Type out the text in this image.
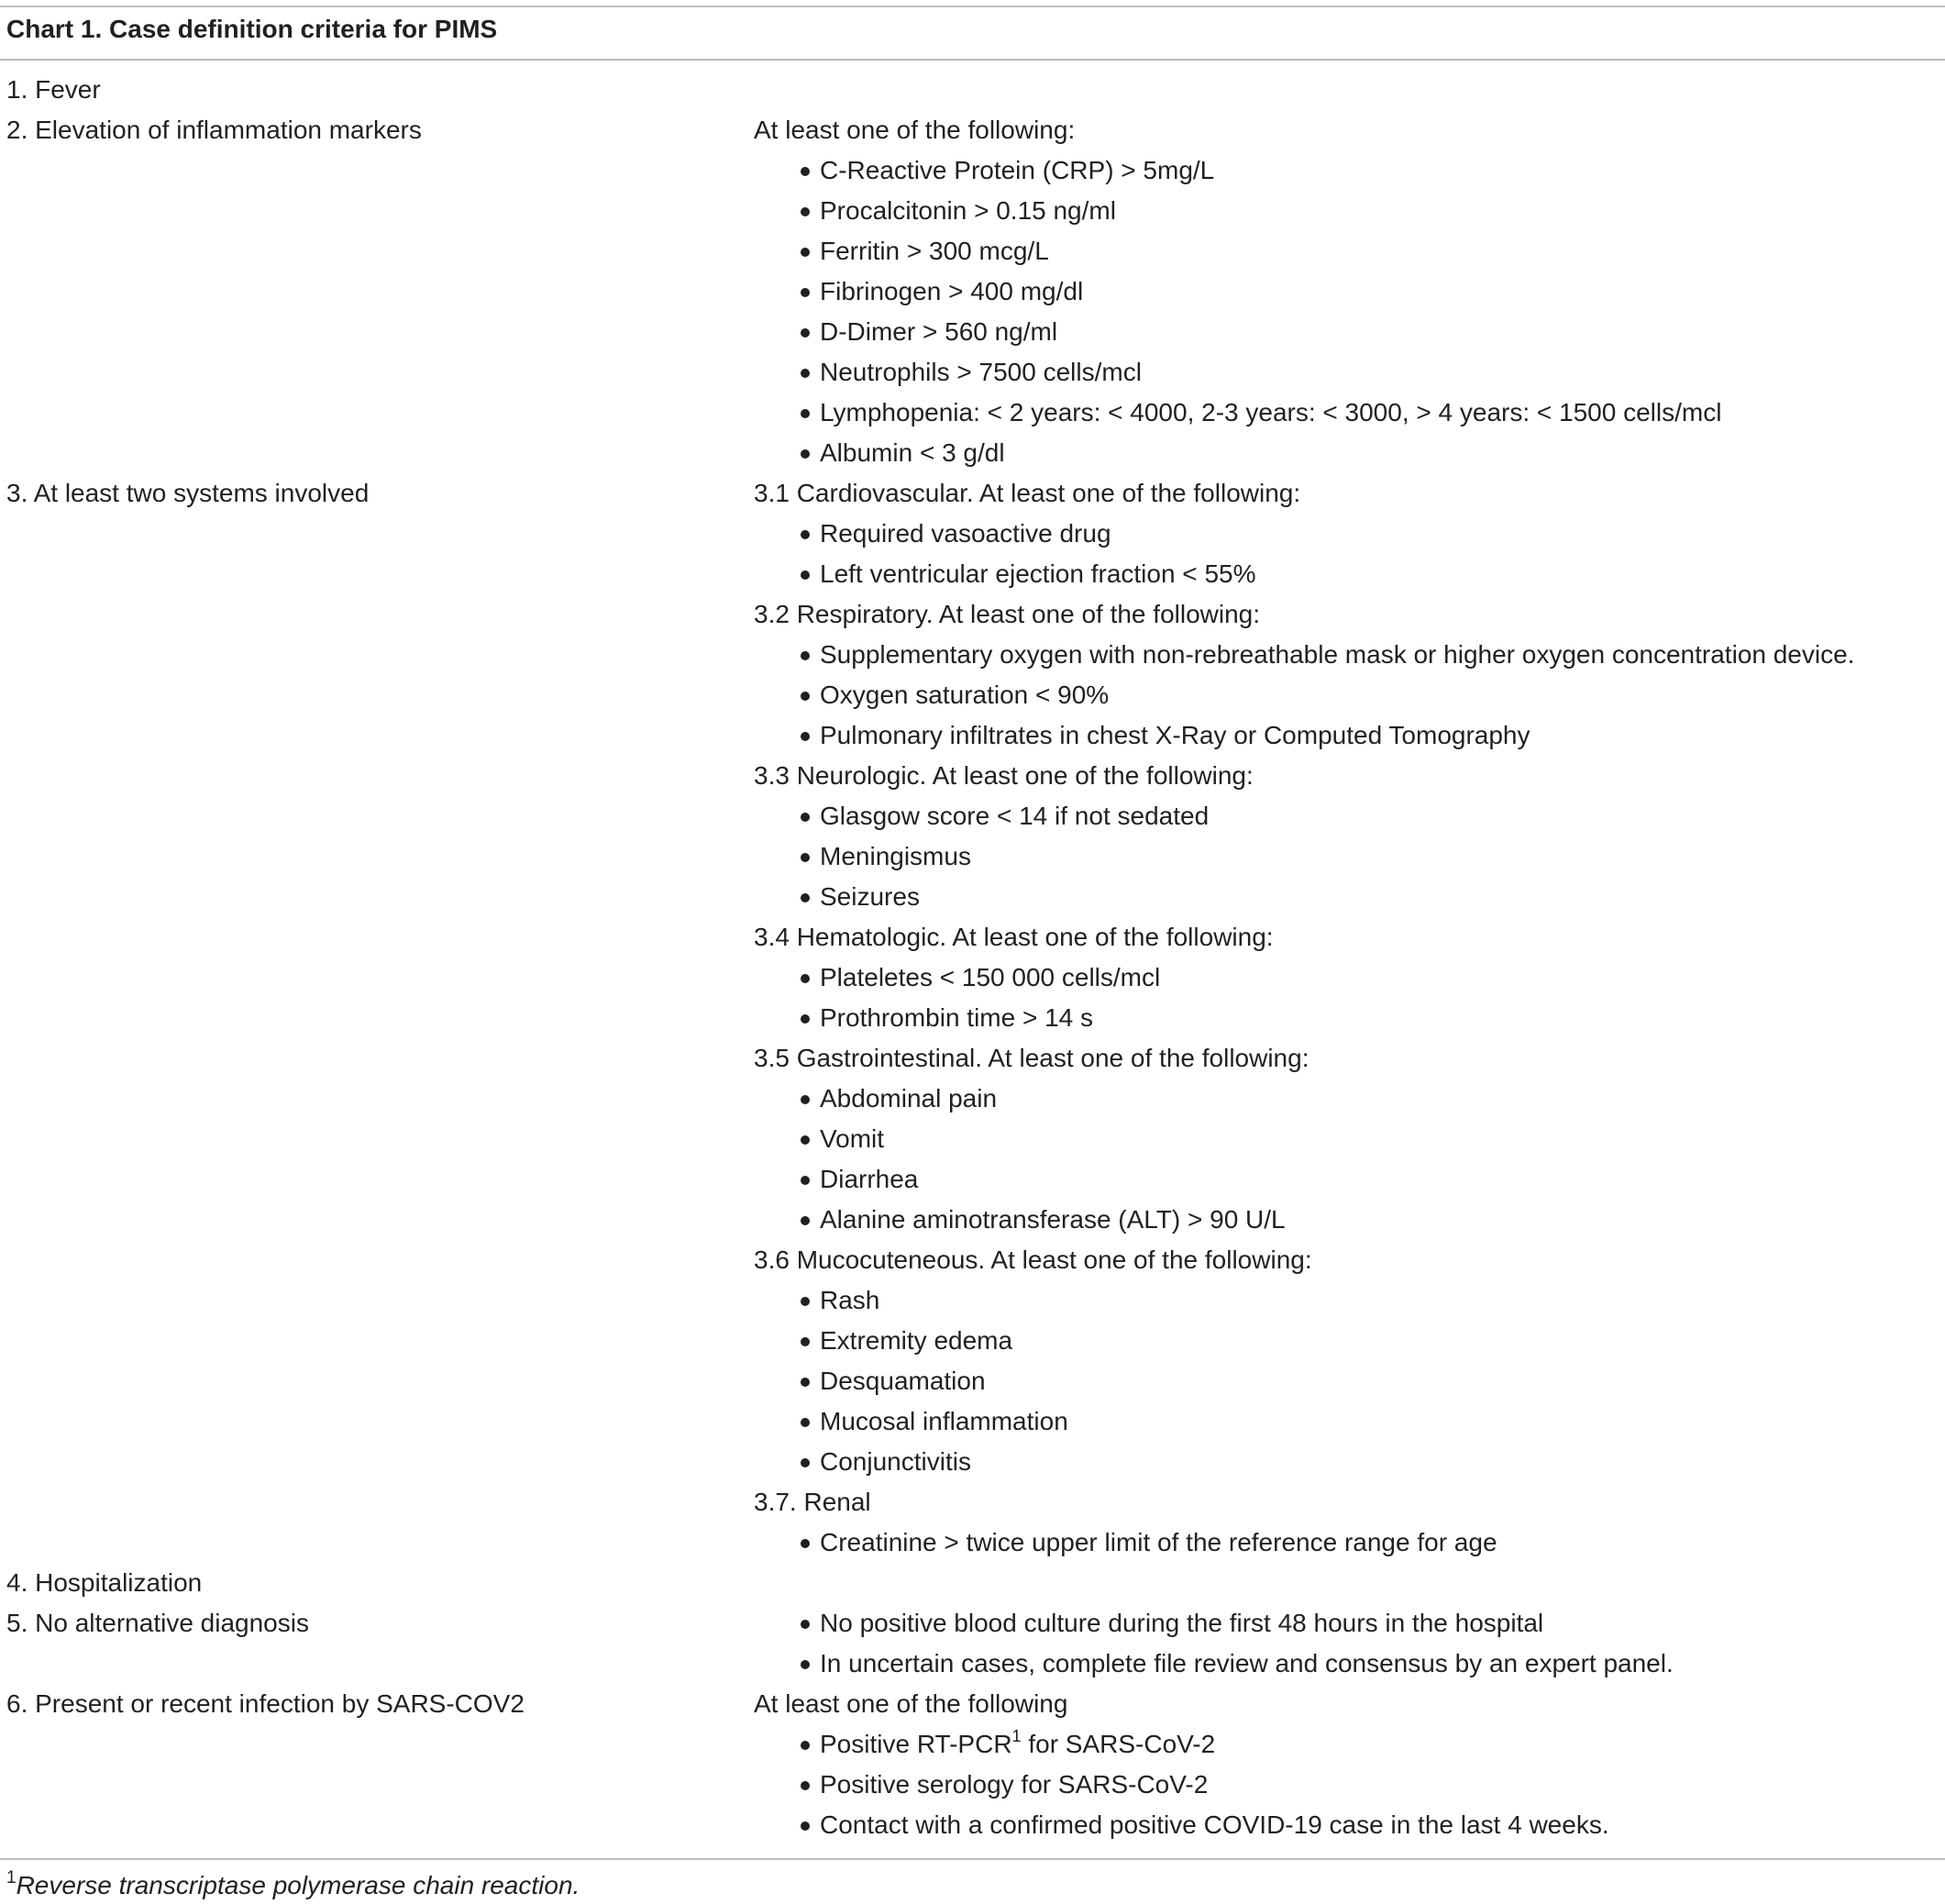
Chart 1. Case definition criteria for PIMS
1. Fever
2. Elevation of inflammation markers	At least one of the following:
C-Reactive Protein (CRP) > 5mg/L
Procalcitonin > 0.15 ng/ml
Ferritin > 300 mcg/L
Fibrinogen > 400 mg/dl
D-Dimer > 560 ng/ml
Neutrophils > 7500 cells/mcl
Lymphopenia: < 2 years: < 4000, 2-3 years: < 3000, > 4 years: < 1500 cells/mcl
Albumin < 3 g/dl
3. At least two systems involved	3.1 Cardiovascular. At least one of the following:
Required vasoactive drug
Left ventricular ejection fraction < 55%
3.2 Respiratory. At least one of the following:
Supplementary oxygen with non-rebreathable mask or higher oxygen concentration device.
Oxygen saturation < 90%
Pulmonary infiltrates in chest X-Ray or Computed Tomography
3.3 Neurologic. At least one of the following:
Glasgow score < 14 if not sedated
Meningismus
Seizures
3.4 Hematologic. At least one of the following:
Plateletes < 150 000 cells/mcl
Prothrombin time > 14 s
3.5 Gastrointestinal. At least one of the following:
Abdominal pain
Vomit
Diarrhea
Alanine aminotransferase (ALT) > 90 U/L
3.6 Mucocuteneous. At least one of the following:
Rash
Extremity edema
Desquamation
Mucosal inflammation
Conjunctivitis
3.7. Renal
Creatinine > twice upper limit of the reference range for age
4. Hospitalization
5. No alternative diagnosis	No positive blood culture during the first 48 hours in the hospital
In uncertain cases, complete file review and consensus by an expert panel.
6. Present or recent infection by SARS-COV2	At least one of the following
Positive RT-PCR$^1$ for SARS-CoV-2
Positive serology for SARS-CoV-2
Contact with a confirmed positive COVID-19 case in the last 4 weeks.
$^1$Reverse transcriptase polymerase chain reaction.
